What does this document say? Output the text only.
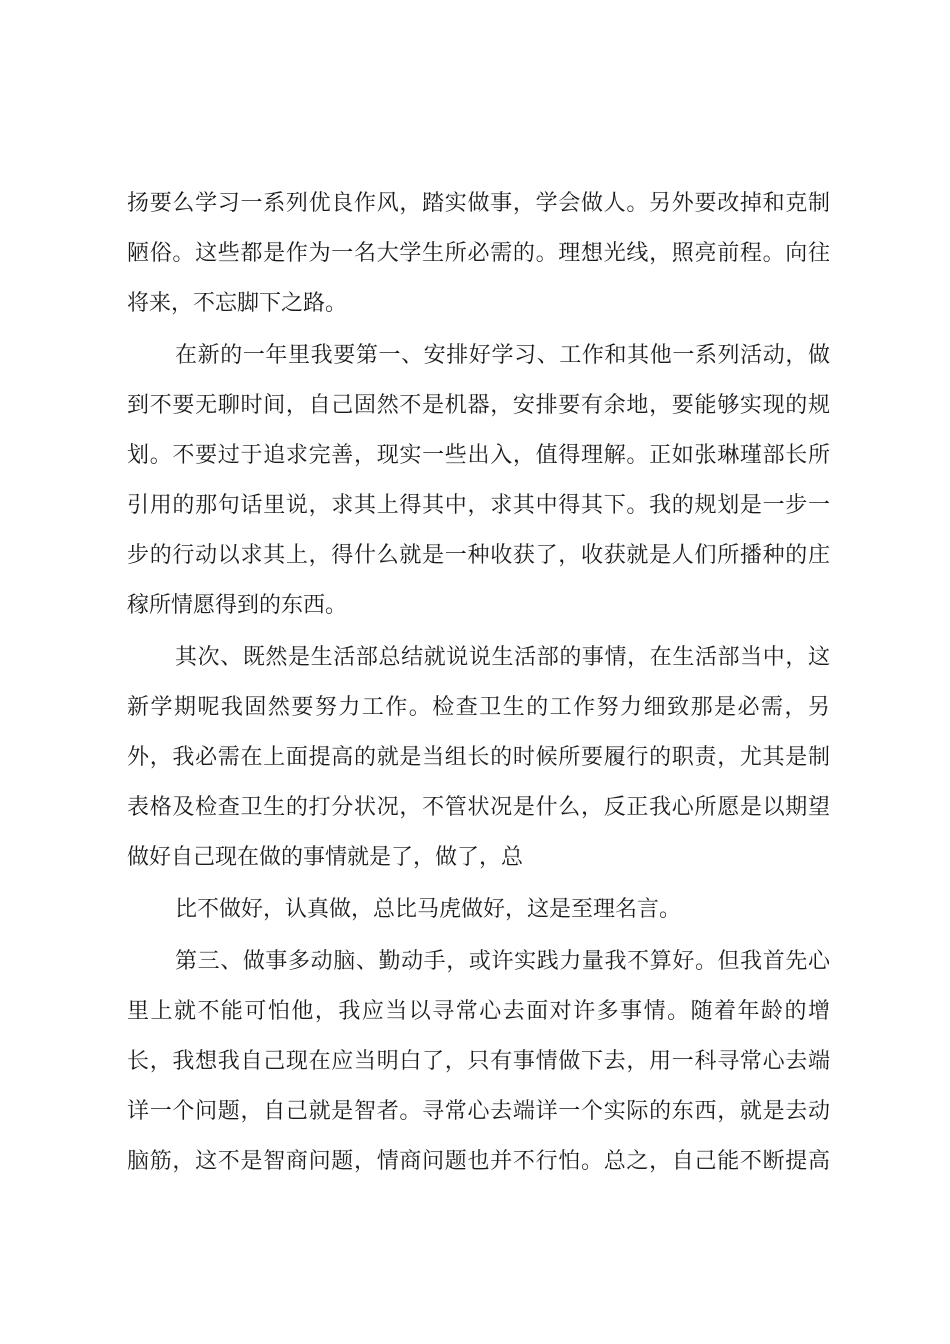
扬要么学习一系列优良作风，踏实做事，学会做人。另外要改掉和克制
陋俗。这些都是作为一名大学生所必需的。理想光线，照亮前程。向往
将来，不忘脚下之路。
在新的一年里我要第一、安排好学习、工作和其他一系列活动，做
到不要无聊时间，自己固然不是机器，安排要有余地，要能够实现的规
划。不要过于追求完善，现实一些出入，值得理解。正如张琳瑾部长所
引用的那句话里说，求其上得其中，求其中得其下。我的规划是一步一
步的行动以求其上，得什么就是一种收获了，收获就是人们所播种的庄
稼所情愿得到的东西。
其次、既然是生活部总结就说说生活部的事情，在生活部当中，这
新学期呢我固然要努力工作。检查卫生的工作努力细致那是必需，另
外，我必需在上面提高的就是当组长的时候所要履行的职责，尤其是制
表格及检查卫生的打分状况，不管状况是什么，反正我心所愿是以期望
做好自己现在做的事情就是了，做了，总
比不做好，认真做，总比马虎做好，这是至理名言。
第三、做事多动脑、勤动手，或许实践力量我不算好。但我首先心
里上就不能可怕他，我应当以寻常心去面对许多事情。随着年龄的增
长，我想我自己现在应当明白了，只有事情做下去，用一科寻常心去端
详一个问题，自己就是智者。寻常心去端详一个实际的东西，就是去动
脑筋，这不是智商问题，情商问题也并不行怕。总之，自己能不断提高
